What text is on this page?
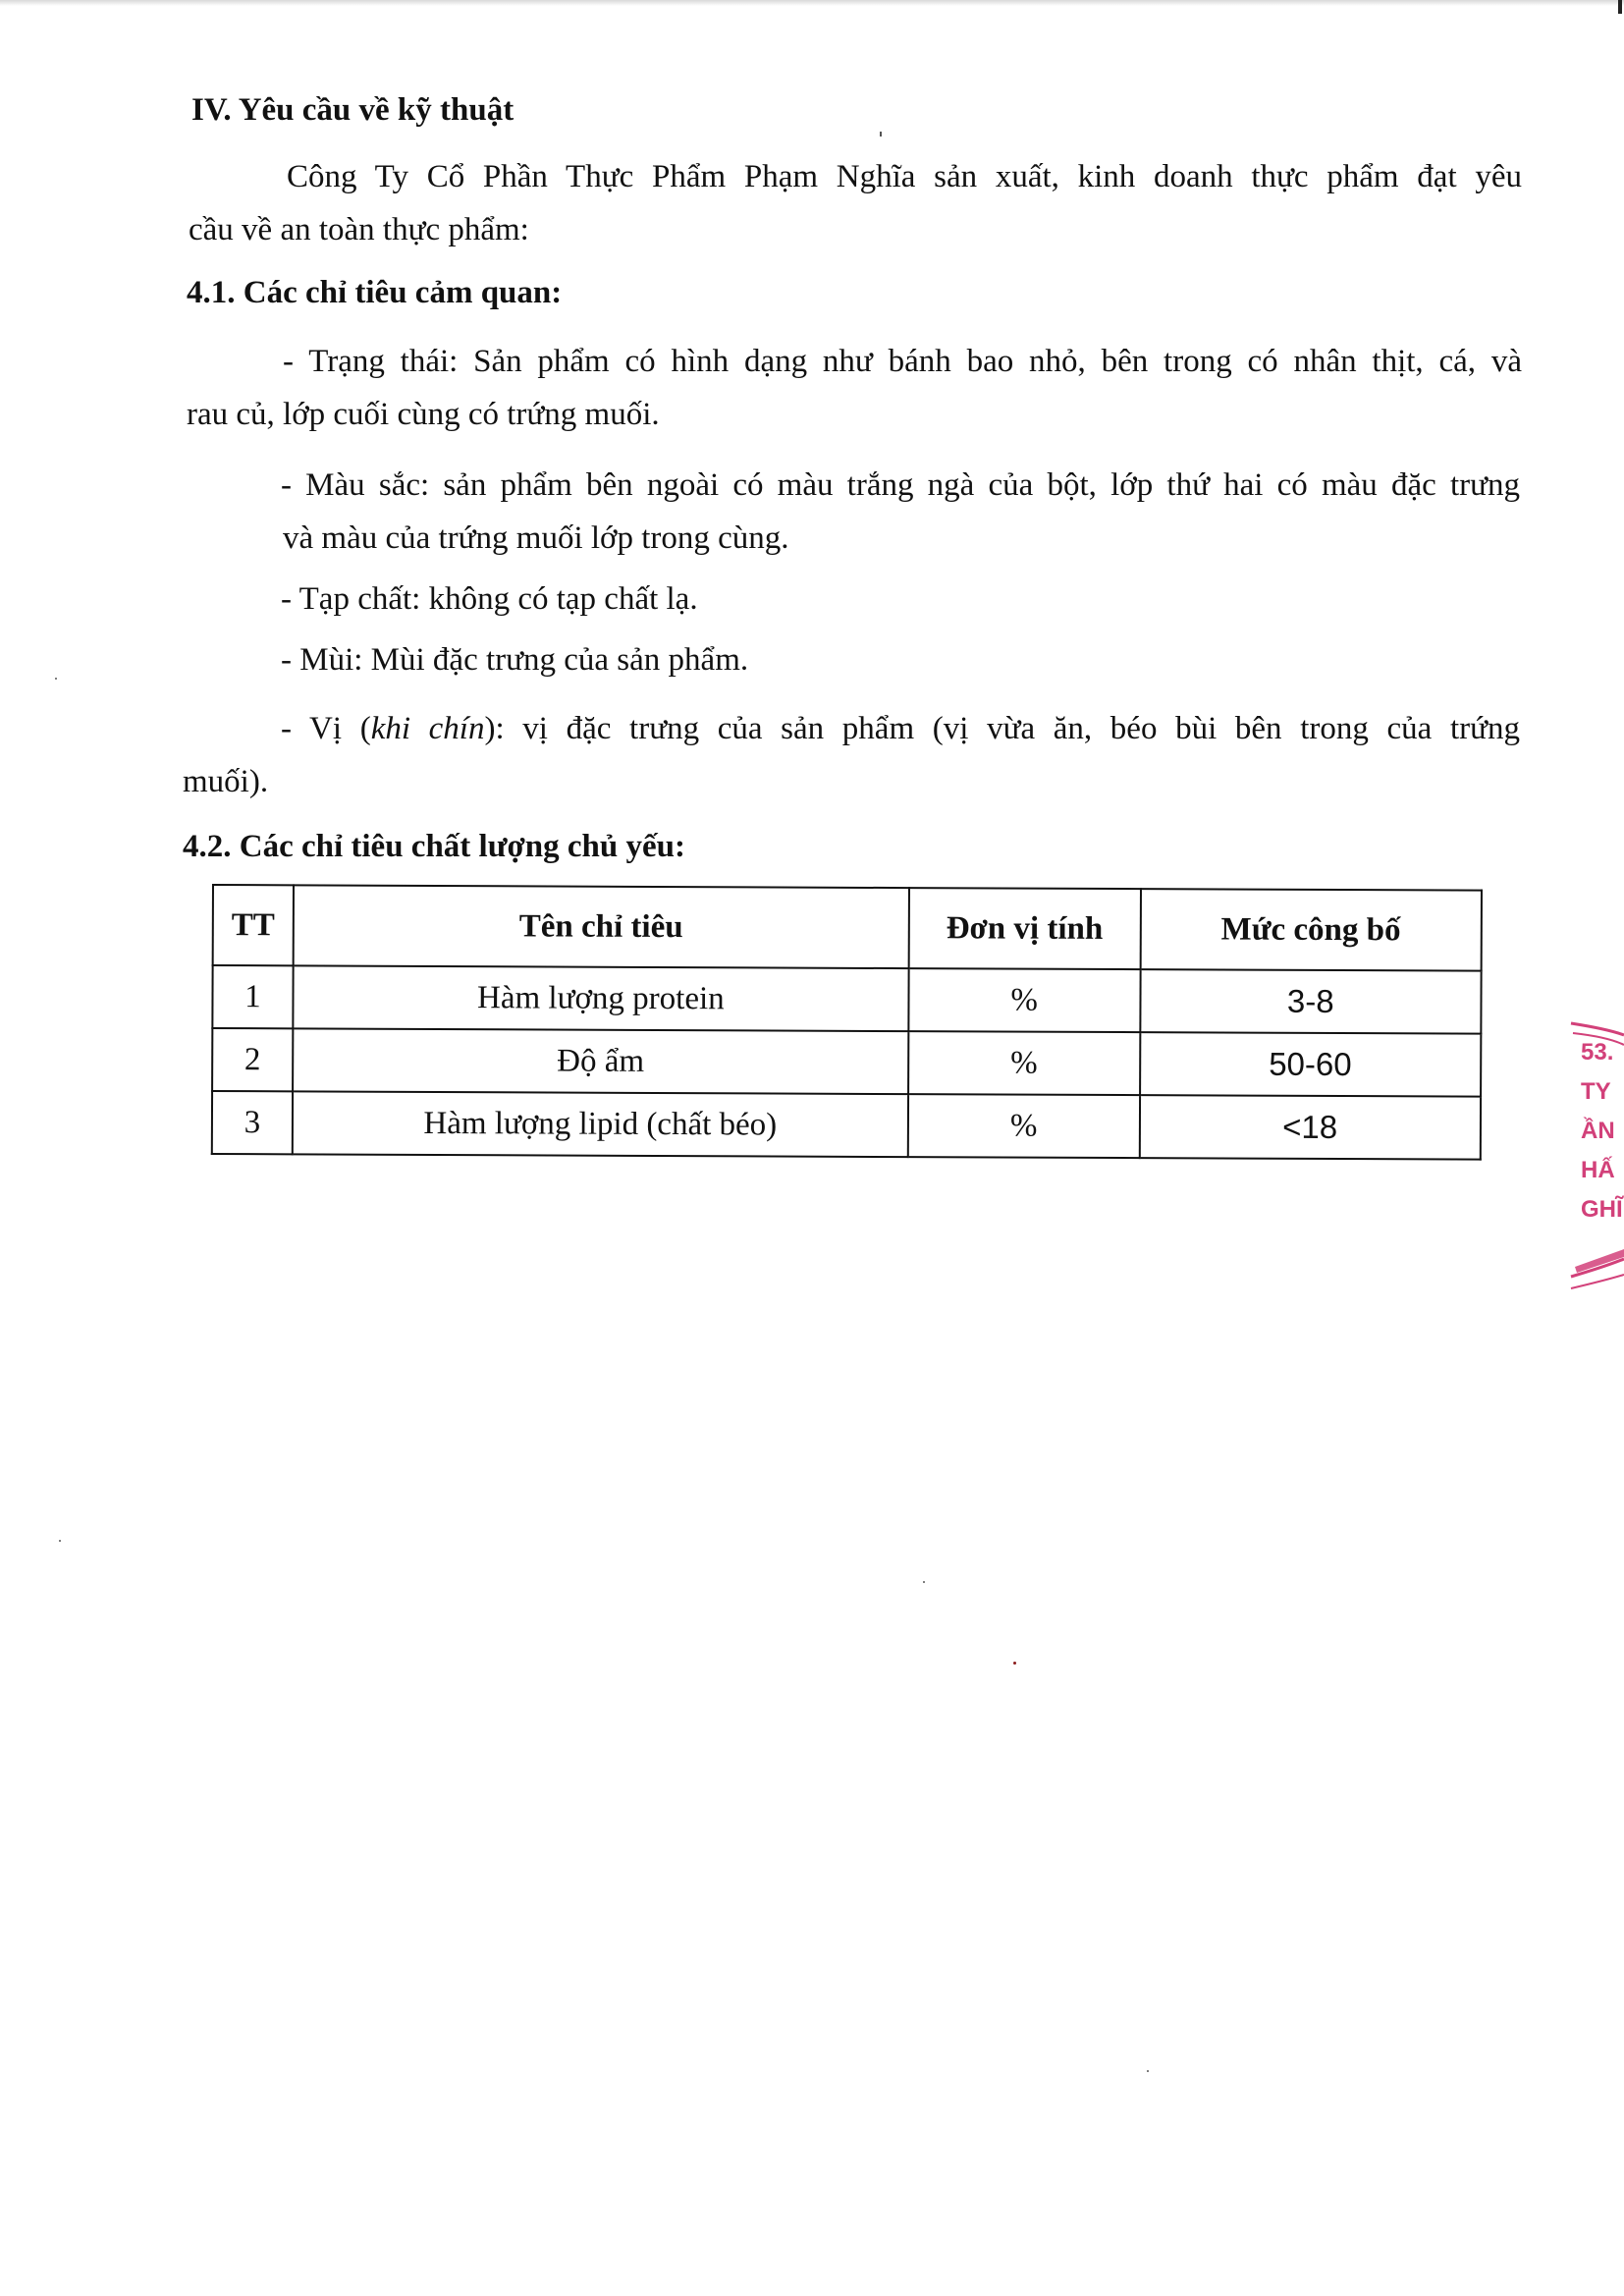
IV. Yêu cầu về kỹ thuật
Công Ty Cổ Phần Thực Phẩm Phạm Nghĩa sản xuất, kinh doanh thực phẩm đạt yêu
cầu về an toàn thực phẩm:
4.1. Các chỉ tiêu cảm quan:
- Trạng thái: Sản phẩm có hình dạng như bánh bao nhỏ, bên trong có nhân thịt, cá, và
rau củ, lớp cuối cùng có trứng muối.
- Màu sắc: sản phẩm bên ngoài có màu trắng ngà của bột, lớp thứ hai có màu đặc trưng
và màu của trứng muối lớp trong cùng.
- Tạp chất: không có tạp chất lạ.
- Mùi: Mùi đặc trưng của sản phẩm.
- Vị (khi chín): vị đặc trưng của sản phẩm (vị vừa ăn, béo bùi bên trong của trứng
muối).
4.2. Các chỉ tiêu chất lượng chủ yếu:
TT	Tên chỉ tiêu	Đơn vị tính	Mức công bố
1	Hàm lượng protein	%	3-8
2	Độ ẩm	%	50-60
3	Hàm lượng lipid (chất béo)	%	<18
53.
TY
ẦN
HẤ
GHĨ
